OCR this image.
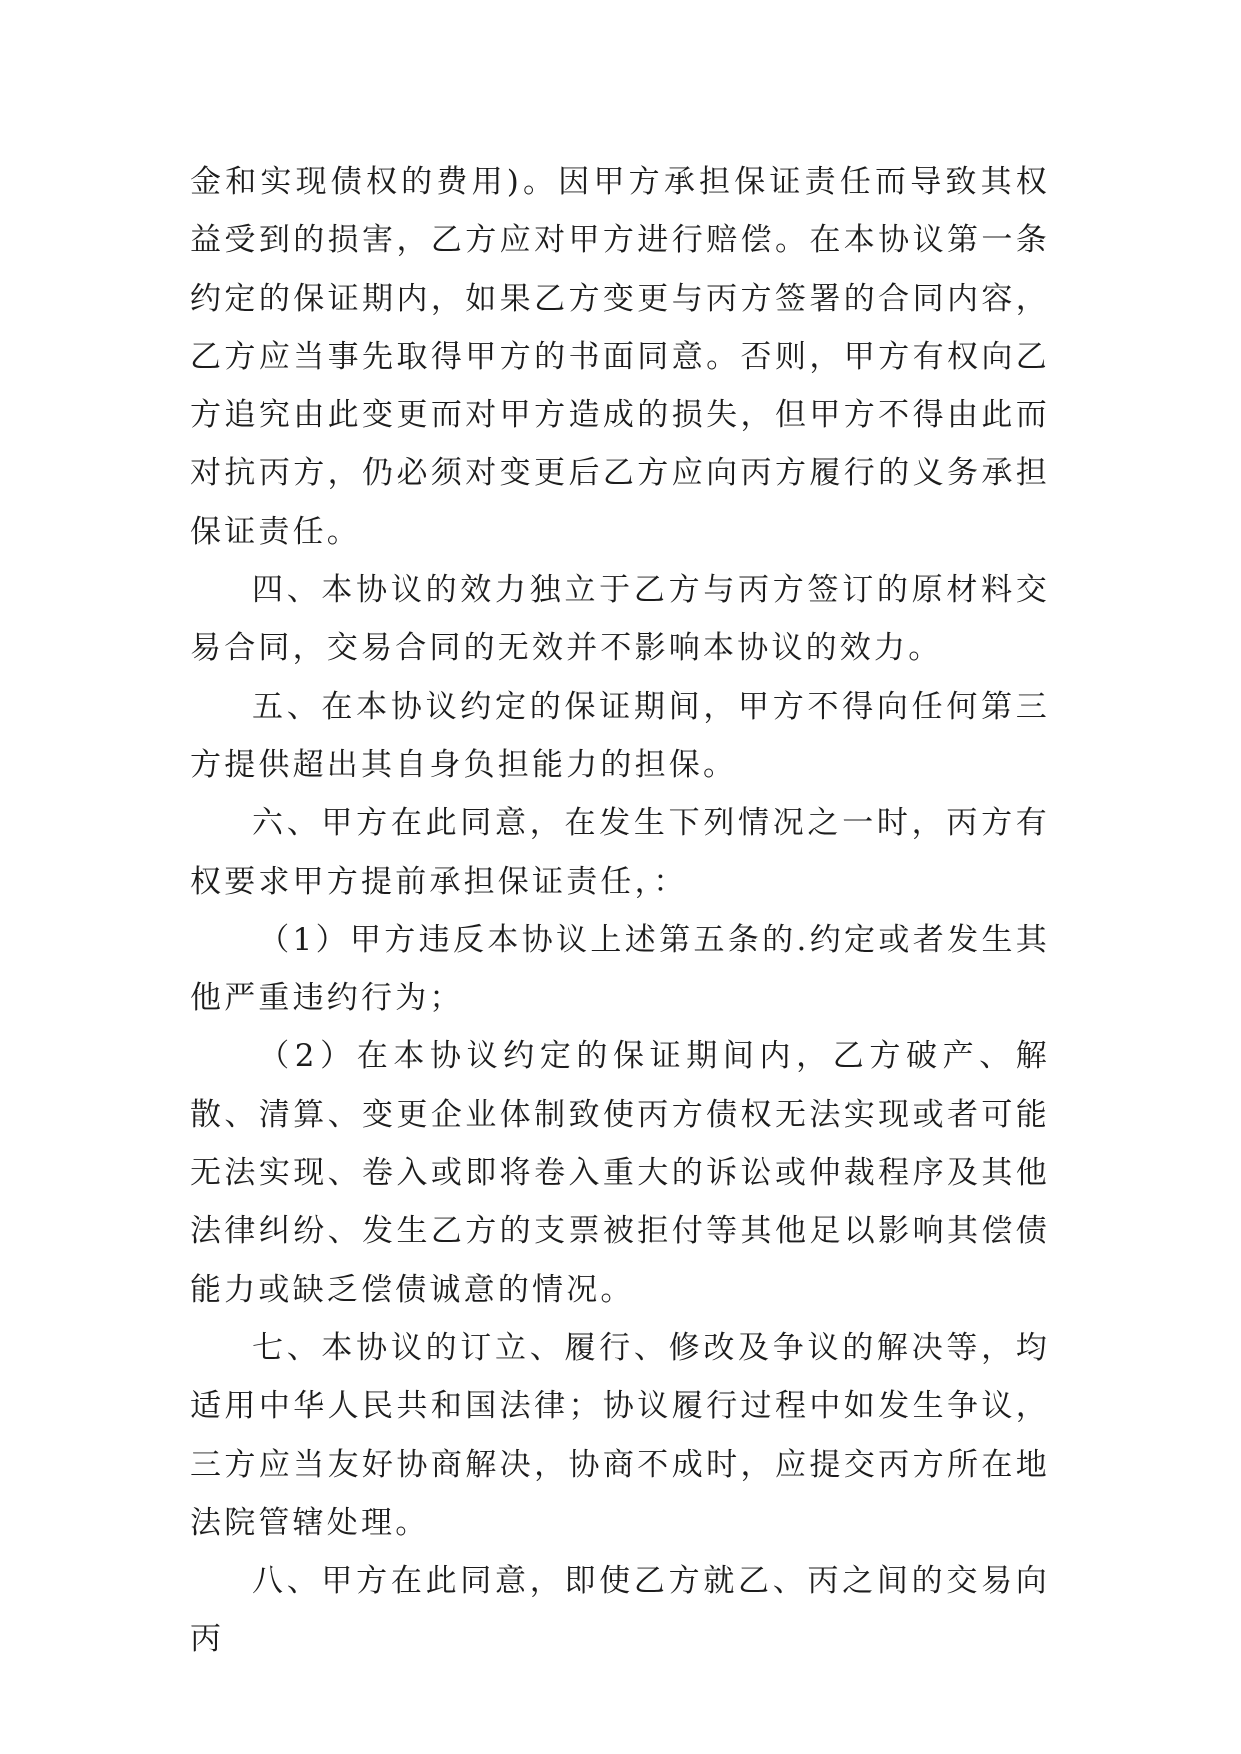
金和实现债权的费用)。因甲方承担保证责任而导致其权益受到的损害，乙方应对甲方进行赔偿。在本协议第一条约定的保证期内，如果乙方变更与丙方签署的合同内容，乙方应当事先取得甲方的书面同意。否则，甲方有权向乙方追究由此变更而对甲方造成的损失，但甲方不得由此而对抗丙方，仍必须对变更后乙方应向丙方履行的义务承担保证责任。

四、本协议的效力独立于乙方与丙方签订的原材料交易合同，交易合同的无效并不影响本协议的效力。

五、在本协议约定的保证期间，甲方不得向任何第三方提供超出其自身负担能力的担保。

六、甲方在此同意，在发生下列情况之一时，丙方有权要求甲方提前承担保证责任，：

（1）甲方违反本协议上述第五条的.约定或者发生其他严重违约行为；

（2）在本协议约定的保证期间内，乙方破产、解散、清算、变更企业体制致使丙方债权无法实现或者可能无法实现、卷入或即将卷入重大的诉讼或仲裁程序及其他法律纠纷、发生乙方的支票被拒付等其他足以影响其偿债能力或缺乏偿债诚意的情况。

七、本协议的订立、履行、修改及争议的解决等，均适用中华人民共和国法律；协议履行过程中如发生争议，三方应当友好协商解决，协商不成时，应提交丙方所在地法院管辖处理。

八、甲方在此同意，即使乙方就乙、丙之间的交易向丙
